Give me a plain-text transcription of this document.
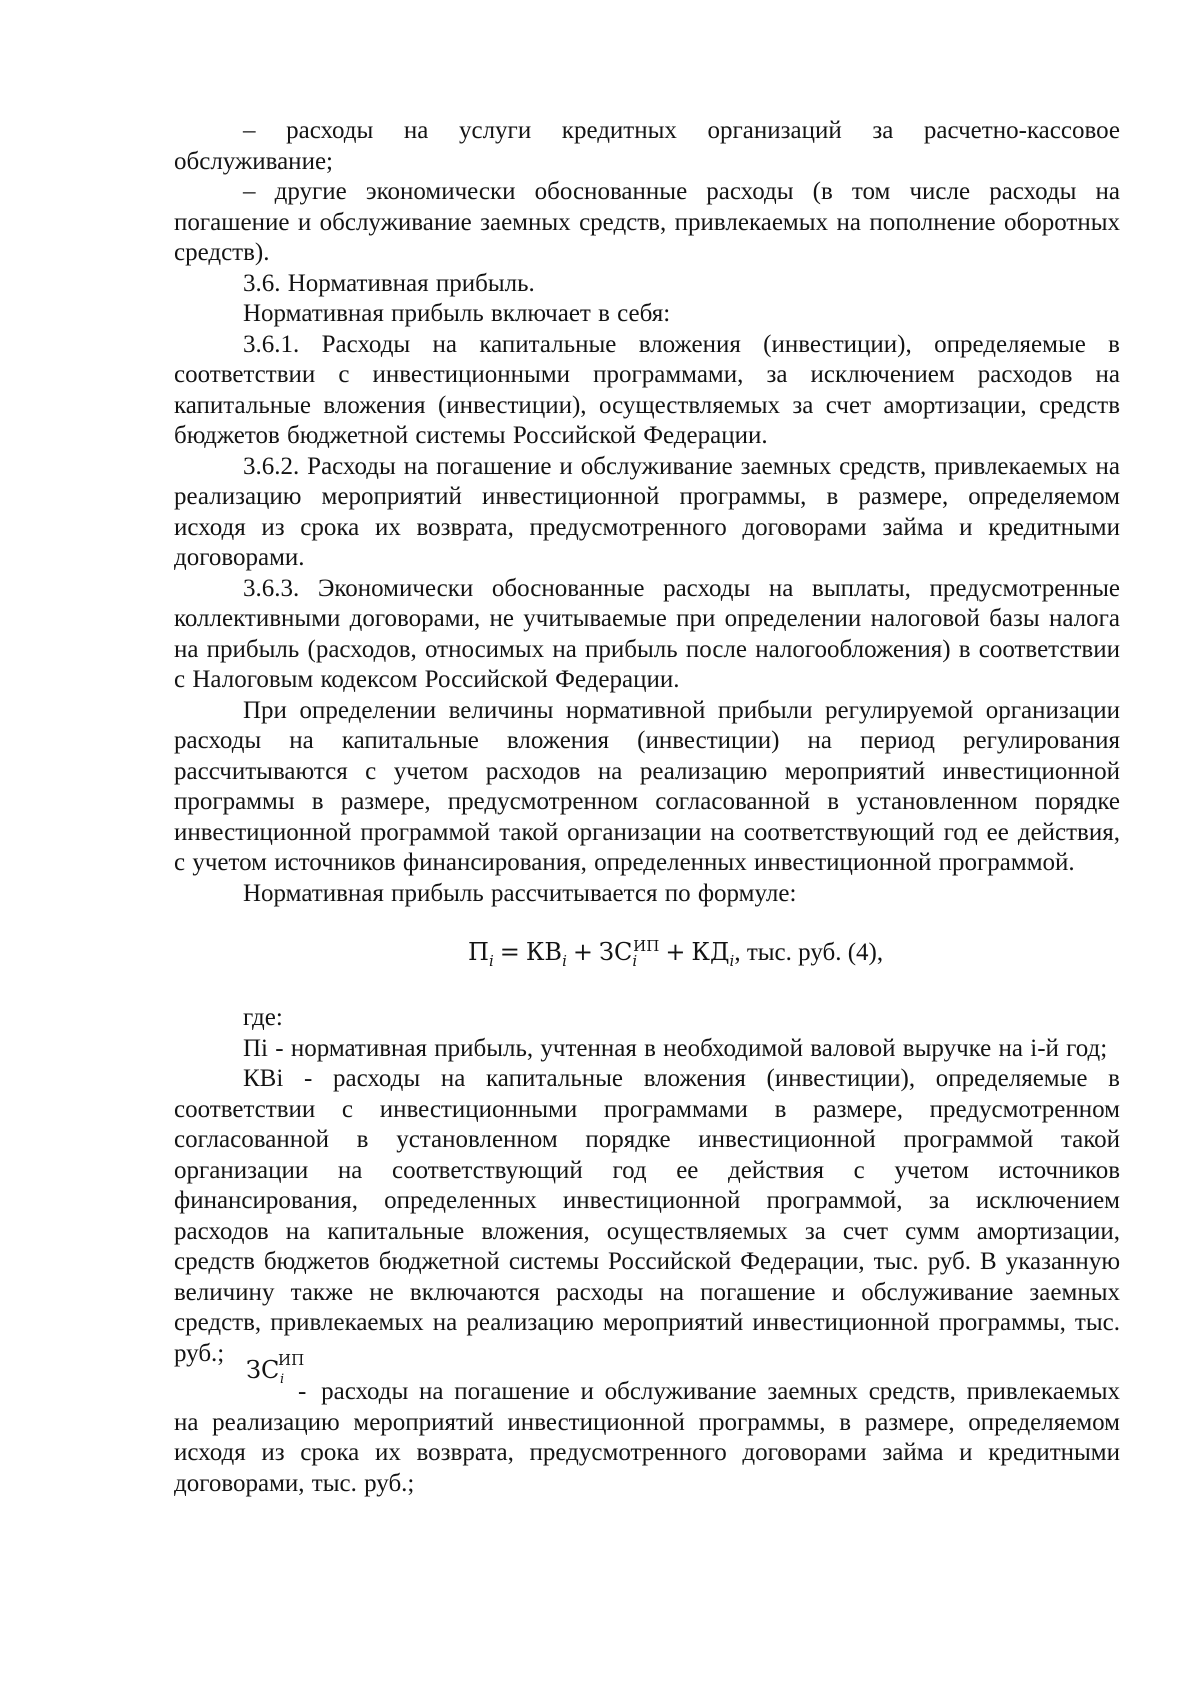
– расходы на услуги кредитных организаций за расчетно-кассовое обслуживание;

– другие экономически обоснованные расходы (в том числе расходы на погашение и обслуживание заемных средств, привлекаемых на пополнение оборотных средств).

3.6. Нормативная прибыль.

Нормативная прибыль включает в себя:

3.6.1. Расходы на капитальные вложения (инвестиции), определяемые в соответствии с инвестиционными программами, за исключением расходов на капитальные вложения (инвестиции), осуществляемых за счет амортизации, средств бюджетов бюджетной системы Российской Федерации.

3.6.2. Расходы на погашение и обслуживание заемных средств, привлекаемых на реализацию мероприятий инвестиционной программы, в размере, определяемом исходя из срока их возврата, предусмотренного договорами займа и кредитными договорами.

3.6.3. Экономически обоснованные расходы на выплаты, предусмотренные коллективными договорами, не учитываемые при определении налоговой базы налога на прибыль (расходов, относимых на прибыль после налогообложения) в соответствии с Налоговым кодексом Российской Федерации.

При определении величины нормативной прибыли регулируемой организации расходы на капитальные вложения (инвестиции) на период регулирования рассчитываются с учетом расходов на реализацию мероприятий инвестиционной программы в размере, предусмотренном согласованной в установленном порядке инвестиционной программой такой организации на соответствующий год ее действия, с учетом источников финансирования, определенных инвестиционной программой.

Нормативная прибыль рассчитывается по формуле:

$П_i = КВ_i + ЗС_i^{ИП} + КД_i$, тыс. руб. (4),

где:

Пi - нормативная прибыль, учтенная в необходимой валовой выручке на i-й год;

КВi - расходы на капитальные вложения (инвестиции), определяемые в соответствии с инвестиционными программами в размере, предусмотренном согласованной в установленном порядке инвестиционной программой такой организации на соответствующий год ее действия с учетом источников финансирования, определенных инвестиционной программой, за исключением расходов на капитальные вложения, осуществляемых за счет сумм амортизации, средств бюджетов бюджетной системы Российской Федерации, тыс. руб. В указанную величину также не включаются расходы на погашение и обслуживание заемных средств, привлекаемых на реализацию мероприятий инвестиционной программы, тыс. руб.;

ЗС
ИП
i - расходы на погашение и обслуживание заемных средств, привлекаемых на реализацию мероприятий инвестиционной программы, в размере, определяемом исходя из срока их возврата, предусмотренного договорами займа и кредитными договорами, тыс. руб.;
